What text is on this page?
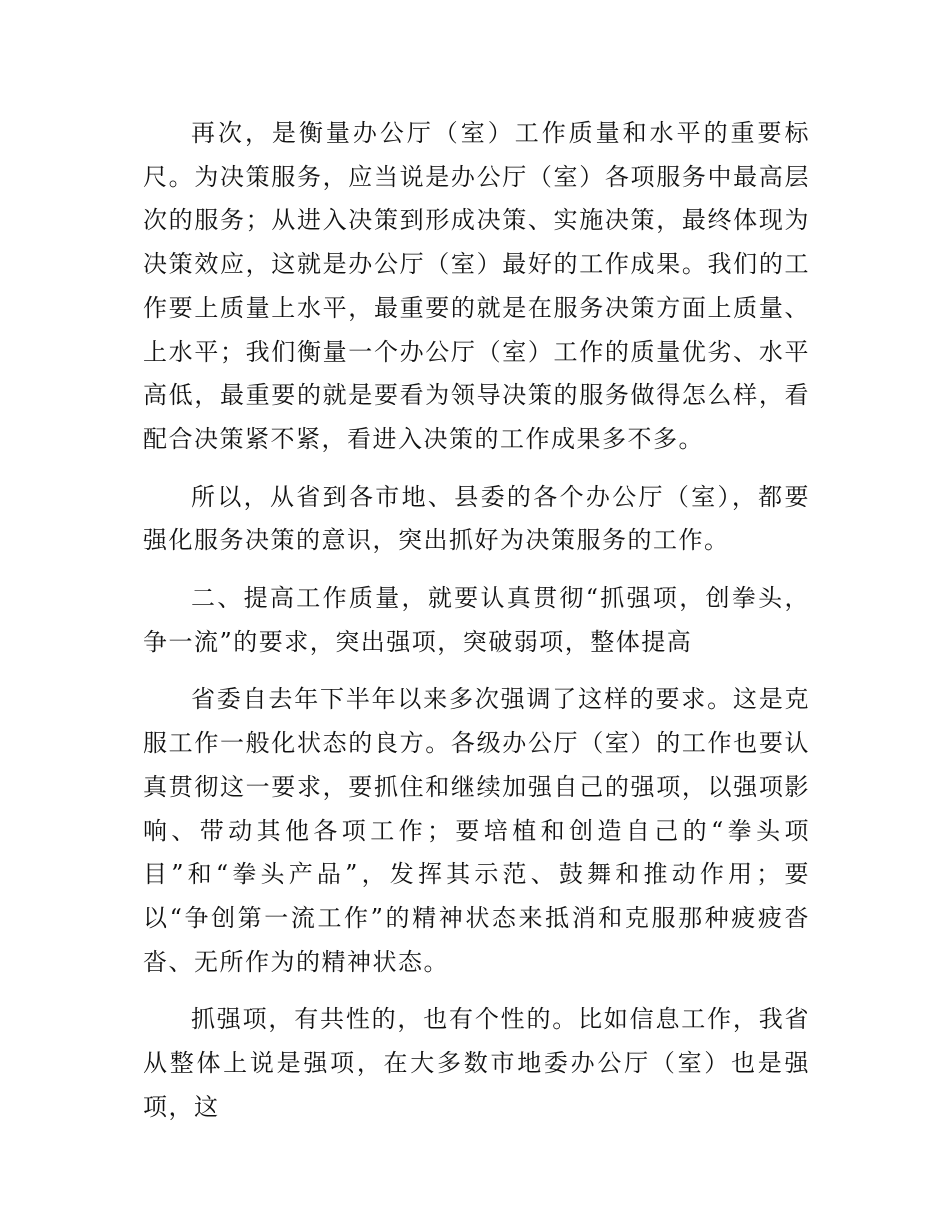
再次，是衡量办公厅（室）工作质量和水平的重要标尺。为决策服务，应当说是办公厅（室）各项服务中最高层次的服务；从进入决策到形成决策、实施决策，最终体现为决策效应，这就是办公厅（室）最好的工作成果。我们的工作要上质量上水平，最重要的就是在服务决策方面上质量、上水平；我们衡量一个办公厅（室）工作的质量优劣、水平高低，最重要的就是要看为领导决策的服务做得怎么样，看配合决策紧不紧，看进入决策的工作成果多不多。

所以，从省到各市地、县委的各个办公厅（室），都要强化服务决策的意识，突出抓好为决策服务的工作。

二、提高工作质量，就要认真贯彻“抓强项，创拳头，争一流”的要求，突出强项，突破弱项，整体提高

省委自去年下半年以来多次强调了这样的要求。这是克服工作一般化状态的良方。各级办公厅（室）的工作也要认真贯彻这一要求，要抓住和继续加强自己的强项，以强项影响、带动其他各项工作；要培植和创造自己的“拳头项目”和“拳头产品”，发挥其示范、鼓舞和推动作用；要以“争创第一流工作”的精神状态来抵消和克服那种疲疲沓沓、无所作为的精神状态。

抓强项，有共性的，也有个性的。比如信息工作，我省从整体上说是强项，在大多数市地委办公厅（室）也是强项，这
